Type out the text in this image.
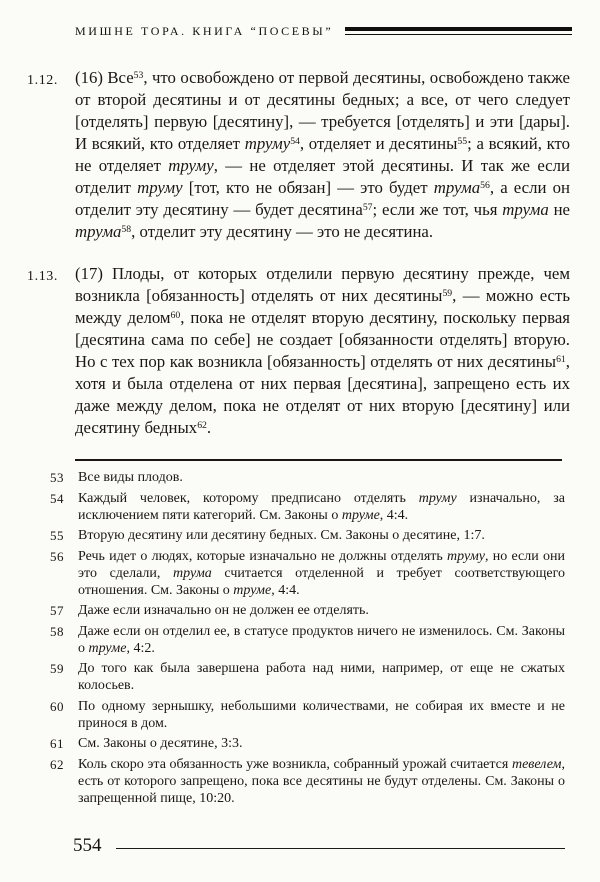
МИШНЕ ТОРА. КНИГА “ПОСЕВЫ”
1.12. (16) Все$^{53}$, что освобождено от первой десятины, освобождено также от второй десятины и от десятины бедных; а все, от чего следует [отделять] первую [десятину], — требуется [отделять] и эти [дары]. И всякий, кто отделяет труму$^{54}$, отделяет и десятины$^{55}$; а всякий, кто не отделяет труму, — не отделяет этой десятины. И так же если отделит труму [тот, кто не обязан] — это будет трума$^{56}$, а если он отделит эту десятину — будет десятина$^{57}$; если же тот, чья трума не трума$^{58}$, отделит эту десятину — это не десятина.
1.13. (17) Плоды, от которых отделили первую десятину прежде, чем возникла [обязанность] отделять от них десятины$^{59}$, — можно есть между делом$^{60}$, пока не отделят вторую десятину, поскольку первая [десятина сама по себе] не создает [обязанности отделять] вторую. Но с тех пор как возникла [обязанность] отделять от них десятины$^{61}$, хотя и была отделена от них первая [десятина], запрещено есть их даже между делом, пока не отделят от них вторую [десятину] или десятину бедных$^{62}$.
53	Все виды плодов.
54	Каждый человек, которому предписано отделять труму изначально, за исключением пяти категорий. См. Законы о труме, 4:4.
55	Вторую десятину или десятину бедных. См. Законы о десятине, 1:7.
56	Речь идет о людях, которые изначально не должны отделять труму, но если они это сделали, трума считается отделенной и требует соответствующего отношения. См. Законы о труме, 4:4.
57	Даже если изначально он не должен ее отделять.
58	Даже если он отделил ее, в статусе продуктов ничего не изменилось. См. Законы о труме, 4:2.
59	До того как была завершена работа над ними, например, от еще не сжатых колосьев.
60	По одному зернышку, небольшими количествами, не собирая их вместе и не принося в дом.
61	См. Законы о десятине, 3:3.
62	Коль скоро эта обязанность уже возникла, собранный урожай считается тевелем, есть от которого запрещено, пока все десятины не будут отделены. См. Законы о запрещенной пище, 10:20.
554
